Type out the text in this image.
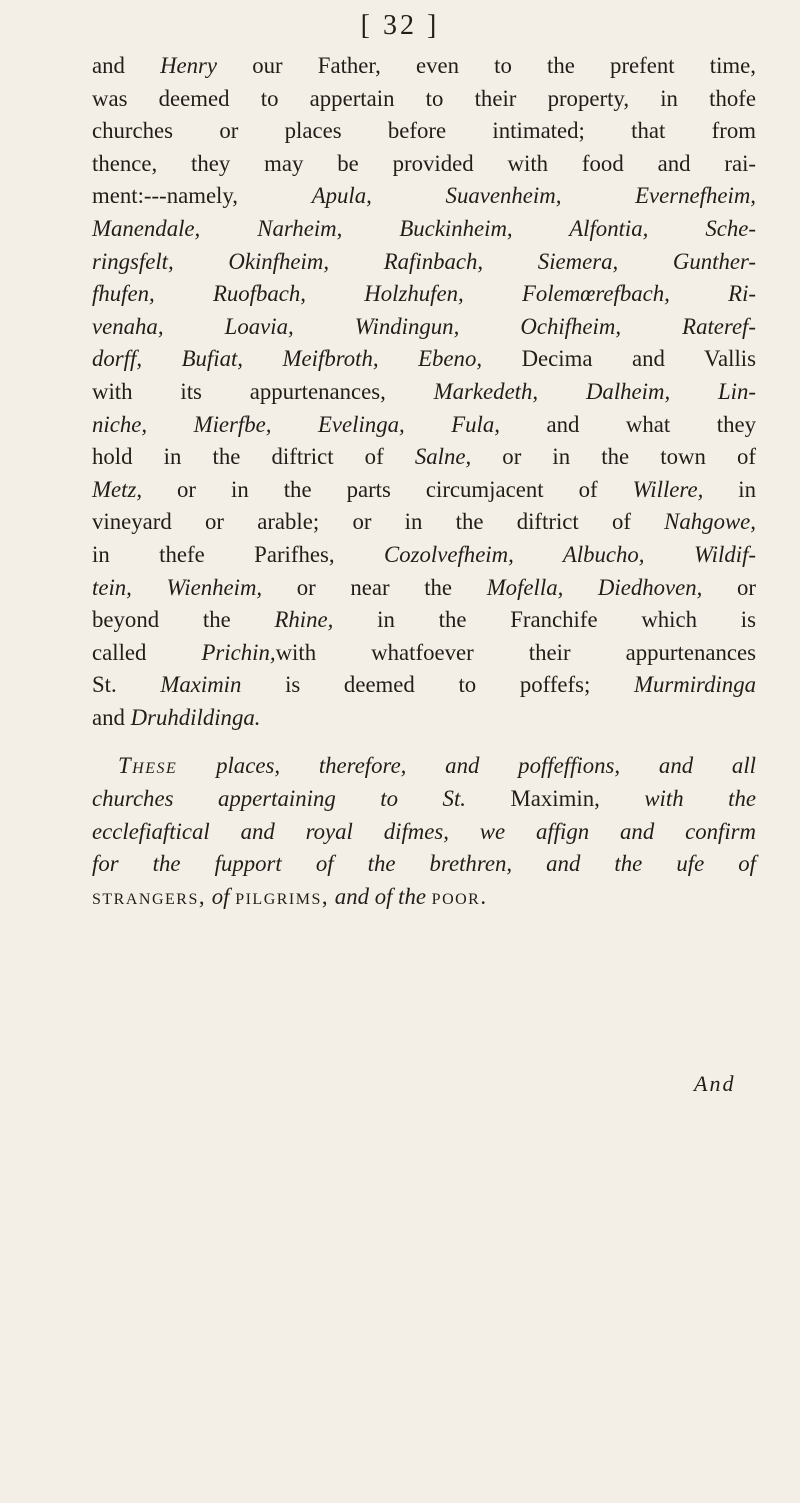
[ 32 ]
and Henry our Father, even to the prefent time,
was deemed to appertain to their property, in thofe
churches or places before intimated; that from
thence, they may be provided with food and rai-
ment:---namely, Apula, Suavenheim, Evernefheim,
Manendale, Narheim, Buckinheim, Alfontia, Sche-
ringsfelt, Okinfheim, Rafinbach, Siemera, Gunther-
fhufen, Ruofbach, Holzhufen, Folemœrefbach, Ri-
venaha, Loavia, Windingun, Ochifheim, Rateref-
dorff, Bufiat, Meifbroth, Ebeno, Decima and Vallis
with its appurtenances, Markedeth, Dalheim, Lin-
niche, Mierfbe, Evelinga, Fula, and what they
hold in the diftrict of Salne, or in the town of
Metz, or in the parts circumjacent of Willere, in
vineyard or arable; or in the diftrict of Nahgowe,
in thefe Parifhes, Cozolvefheim, Albucho, Wildif-
tein, Wienheim, or near the Mofella, Diedhoven, or
beyond the Rhine, in the Franchife which is
called Prichin,with whatfoever their appurtenances
St. Maximin is deemed to poffefs; Murmirdinga
and Druhdildinga.
These places, therefore, and poffeffions, and all
churches appertaining to St. Maximin, with the
ecclefiaftical and royal difmes, we affign and confirm
for the fupport of the brethren, and the ufe of
strangers, of pilgrims, and of the poor.
And
